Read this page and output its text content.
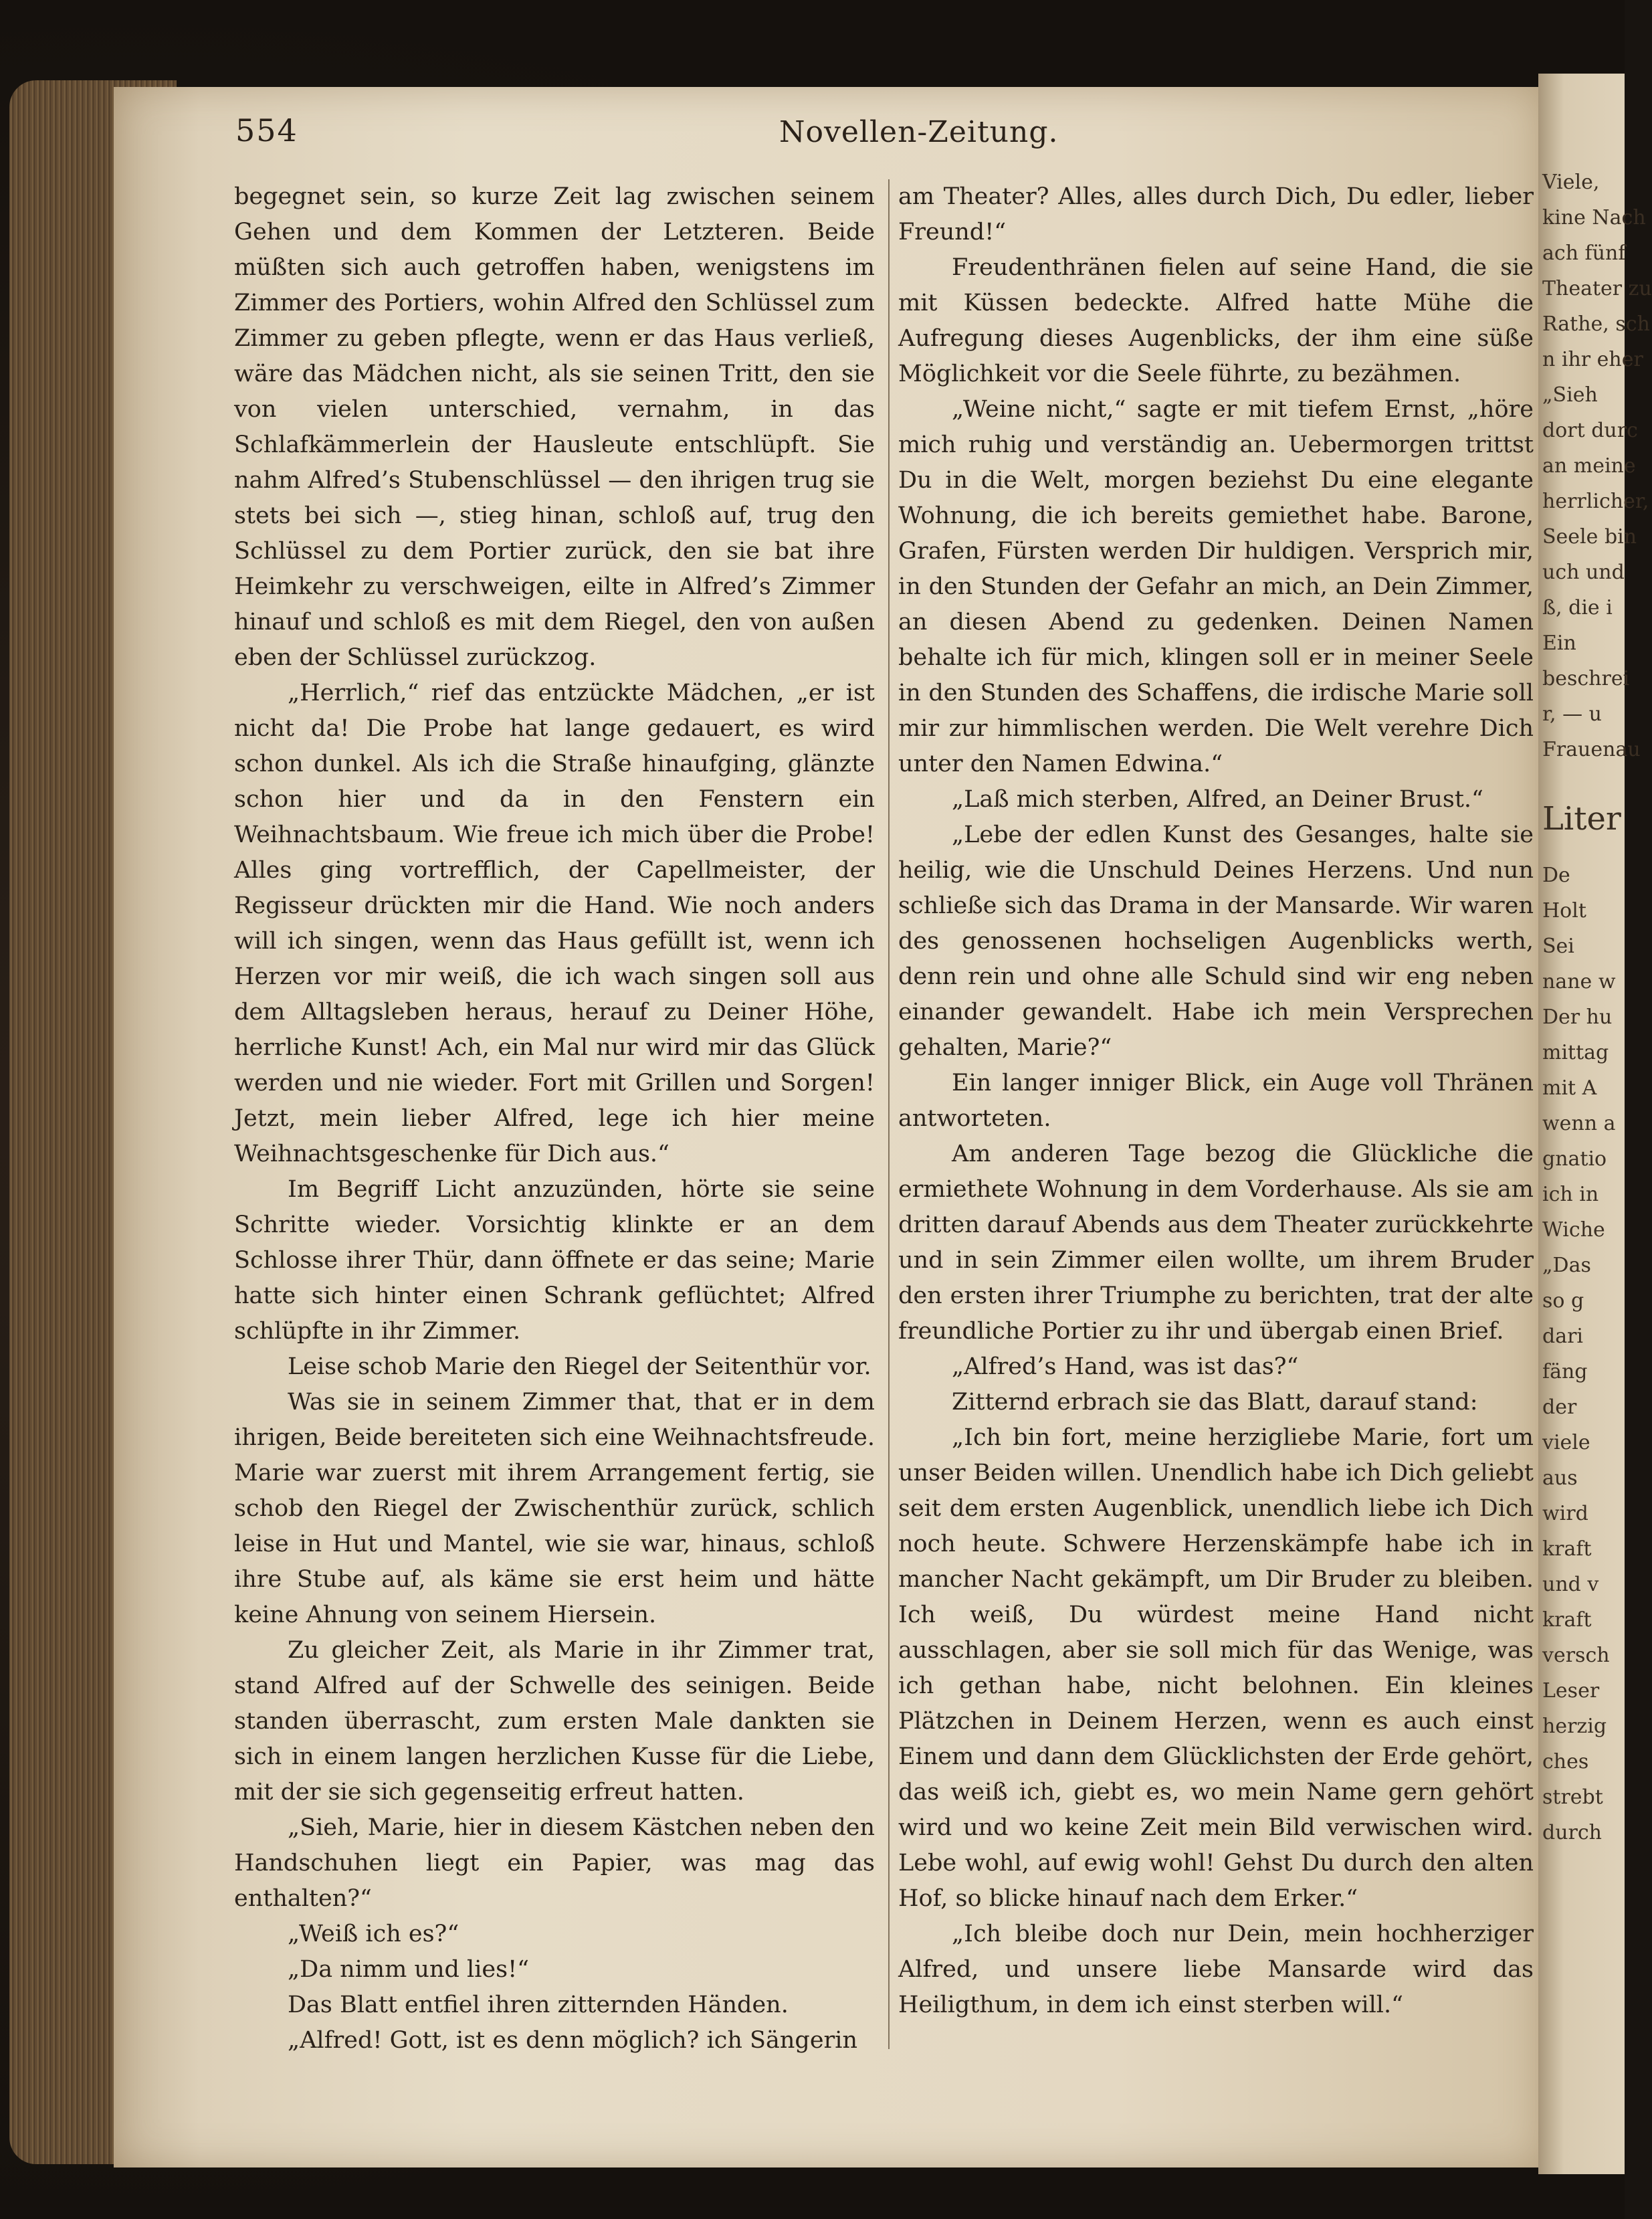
554	Novellen-Zeitung.

begegnet sein, so kurze Zeit lag zwischen seinem Gehen und dem Kommen der Letzteren. Beide müßten sich auch getroffen haben, wenigstens im Zimmer des Portiers, wohin Alfred den Schlüssel zum Zimmer zu geben pflegte, wenn er das Haus verließ, wäre das Mädchen nicht, als sie seinen Tritt, den sie von vielen unterschied, vernahm, in das Schlafkämmerlein der Hausleute entschlüpft. Sie nahm Alfred’s Stubenschlüssel — den ihrigen trug sie stets bei sich —, stieg hinan, schloß auf, trug den Schlüssel zu dem Portier zurück, den sie bat ihre Heimkehr zu verschweigen, eilte in Alfred’s Zimmer hinauf und schloß es mit dem Riegel, den von außen eben der Schlüssel zurückzog.

„Herrlich,“ rief das entzückte Mädchen, „er ist nicht da! Die Probe hat lange gedauert, es wird schon dunkel. Als ich die Straße hinaufging, glänzte schon hier und da in den Fenstern ein Weihnachtsbaum. Wie freue ich mich über die Probe! Alles ging vortrefflich, der Capellmeister, der Regisseur drückten mir die Hand. Wie noch anders will ich singen, wenn das Haus gefüllt ist, wenn ich Herzen vor mir weiß, die ich wach singen soll aus dem Alltagsleben heraus, herauf zu Deiner Höhe, herrliche Kunst! Ach, ein Mal nur wird mir das Glück werden und nie wieder. Fort mit Grillen und Sorgen! Jetzt, mein lieber Alfred, lege ich hier meine Weihnachtsgeschenke für Dich aus.“

Im Begriff Licht anzuzünden, hörte sie seine Schritte wieder. Vorsichtig klinkte er an dem Schlosse ihrer Thür, dann öffnete er das seine; Marie hatte sich hinter einen Schrank geflüchtet; Alfred schlüpfte in ihr Zimmer.

Leise schob Marie den Riegel der Seitenthür vor.

Was sie in seinem Zimmer that, that er in dem ihrigen, Beide bereiteten sich eine Weihnachtsfreude. Marie war zuerst mit ihrem Arrangement fertig, sie schob den Riegel der Zwischenthür zurück, schlich leise in Hut und Mantel, wie sie war, hinaus, schloß ihre Stube auf, als käme sie erst heim und hätte keine Ahnung von seinem Hiersein.

Zu gleicher Zeit, als Marie in ihr Zimmer trat, stand Alfred auf der Schwelle des seinigen. Beide standen überrascht, zum ersten Male dankten sie sich in einem langen herzlichen Kusse für die Liebe, mit der sie sich gegenseitig erfreut hatten.

„Sieh, Marie, hier in diesem Kästchen neben den Handschuhen liegt ein Papier, was mag das enthalten?“

„Weiß ich es?“

„Da nimm und lies!“

Das Blatt entfiel ihren zitternden Händen.

„Alfred! Gott, ist es denn möglich? ich Sängerin

am Theater? Alles, alles durch Dich, Du edler, lieber Freund!“

Freudenthränen fielen auf seine Hand, die sie mit Küssen bedeckte. Alfred hatte Mühe die Aufregung dieses Augenblicks, der ihm eine süße Möglichkeit vor die Seele führte, zu bezähmen.

„Weine nicht,“ sagte er mit tiefem Ernst, „höre mich ruhig und verständig an. Uebermorgen trittst Du in die Welt, morgen beziehst Du eine elegante Wohnung, die ich bereits gemiethet habe. Barone, Grafen, Fürsten werden Dir huldigen. Versprich mir, in den Stunden der Gefahr an mich, an Dein Zimmer, an diesen Abend zu gedenken. Deinen Namen behalte ich für mich, klingen soll er in meiner Seele in den Stunden des Schaffens, die irdische Marie soll mir zur himmlischen werden. Die Welt verehre Dich unter den Namen Edwina.“

„Laß mich sterben, Alfred, an Deiner Brust.“

„Lebe der edlen Kunst des Gesanges, halte sie heilig, wie die Unschuld Deines Herzens. Und nun schließe sich das Drama in der Mansarde. Wir waren des genossenen hochseligen Augenblicks werth, denn rein und ohne alle Schuld sind wir eng neben einander gewandelt. Habe ich mein Versprechen gehalten, Marie?“

Ein langer inniger Blick, ein Auge voll Thränen antworteten.

Am anderen Tage bezog die Glückliche die ermiethete Wohnung in dem Vorderhause. Als sie am dritten darauf Abends aus dem Theater zurückkehrte und in sein Zimmer eilen wollte, um ihrem Bruder den ersten ihrer Triumphe zu berichten, trat der alte freundliche Portier zu ihr und übergab einen Brief.

„Alfred’s Hand, was ist das?“

Zitternd erbrach sie das Blatt, darauf stand:

„Ich bin fort, meine herzigliebe Marie, fort um unser Beiden willen. Unendlich habe ich Dich geliebt seit dem ersten Augenblick, unendlich liebe ich Dich noch heute. Schwere Herzenskämpfe habe ich in mancher Nacht gekämpft, um Dir Bruder zu bleiben. Ich weiß, Du würdest meine Hand nicht ausschlagen, aber sie soll mich für das Wenige, was ich gethan habe, nicht belohnen. Ein kleines Plätzchen in Deinem Herzen, wenn es auch einst Einem und dann dem Glücklichsten der Erde gehört, das weiß ich, giebt es, wo mein Name gern gehört wird und wo keine Zeit mein Bild verwischen wird. Lebe wohl, auf ewig wohl! Gehst Du durch den alten Hof, so blicke hinauf nach dem Erker.“

„Ich bleibe doch nur Dein, mein hochherziger Alfred, und unsere liebe Mansarde wird das Heiligthum, in dem ich einst sterben will.“

Viele,
kine Nach
ach fünf
Theater zu
Rathe, sch
n ihr eher
„Sieh
dort durc
an meine
herrlicher,
Seele bin
uch und
ß, die i
Ein
beschrei
r, — u
Frauenau
Liter
De
Holt
Sei
nane w
Der hu
mittag
mit A
wenn a
gnatio
ich in
Wiche
„Das
so g
dari
fäng
der
viele
aus
wird
kraft
und v
kraft
versch
Leser
herzig
ches
strebt
durch
